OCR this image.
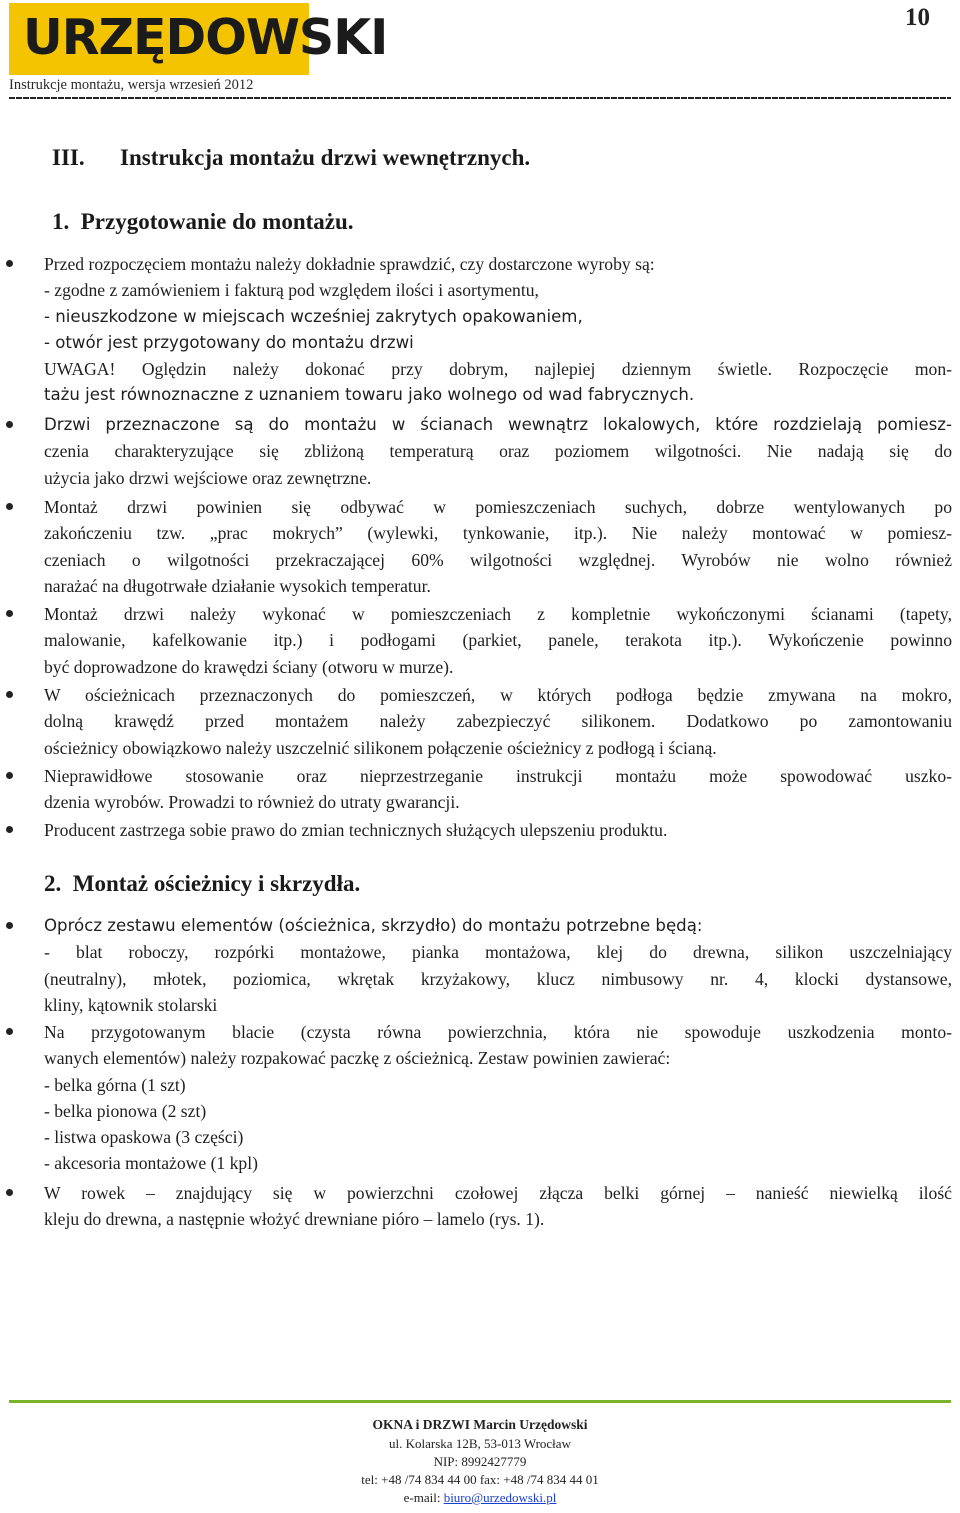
URZĘDOWSKI
Instrukcje montażu, wersja wrzesień 2012
10
III. Instrukcja montażu drzwi wewnętrznych.
1.  Przygotowanie do montażu.
Przed rozpoczęciem montażu należy dokładnie sprawdzić, czy dostarczone wyroby są:
- zgodne z zamówieniem i fakturą pod względem ilości i asortymentu,
- nieuszkodzone w miejscach wcześniej zakrytych opakowaniem,
- otwór jest przygotowany do montażu drzwi
UWAGA! Oględzin należy dokonać przy dobrym, najlepiej dziennym świetle. Rozpoczęcie mon-
tażu jest równoznaczne z uznaniem towaru jako wolnego od wad fabrycznych.
Drzwi przeznaczone są do montażu w ścianach wewnątrz lokalowych, które rozdzielają pomiesz-
czenia charakteryzujące się zbliżoną temperaturą oraz poziomem wilgotności. Nie nadają się do
użycia jako drzwi wejściowe oraz zewnętrzne.
Montaż drzwi powinien się odbywać w pomieszczeniach suchych, dobrze wentylowanych po
zakończeniu tzw. „prac mokrych” (wylewki, tynkowanie, itp.). Nie należy montować w pomiesz-
czeniach o wilgotności przekraczającej 60% wilgotności względnej. Wyrobów nie wolno również
narażać na długotrwałe działanie wysokich temperatur.
Montaż drzwi należy wykonać w pomieszczeniach z kompletnie wykończonymi ścianami (tapety,
malowanie, kafelkowanie itp.) i podłogami (parkiet, panele, terakota itp.). Wykończenie powinno
być doprowadzone do krawędzi ściany (otworu w murze).
W ościeżnicach przeznaczonych do pomieszczeń, w których podłoga będzie zmywana na mokro,
dolną krawędź przed montażem należy zabezpieczyć silikonem. Dodatkowo po zamontowaniu
ościeżnicy obowiązkowo należy uszczelnić silikonem połączenie ościeżnicy z podłogą i ścianą.
Nieprawidłowe stosowanie oraz nieprzestrzeganie instrukcji montażu może spowodować uszko-
dzenia wyrobów. Prowadzi to również do utraty gwarancji.
Producent zastrzega sobie prawo do zmian technicznych służących ulepszeniu produktu.
2.  Montaż ościeżnicy i skrzydła.
Oprócz zestawu elementów (ościeżnica, skrzydło) do montażu potrzebne będą:
- blat roboczy, rozpórki montażowe, pianka montażowa, klej do drewna, silikon uszczelniający
(neutralny), młotek, poziomica, wkrętak krzyżakowy, klucz nimbusowy nr. 4, klocki dystansowe,
kliny, kątownik stolarski
Na przygotowanym blacie (czysta równa powierzchnia, która nie spowoduje uszkodzenia monto-
wanych elementów) należy rozpakować paczkę z ościeżnicą. Zestaw powinien zawierać:
- belka górna (1 szt)
- belka pionowa (2 szt)
- listwa opaskowa (3 części)
- akcesoria montażowe (1 kpl)
W rowek – znajdujący się w powierzchni czołowej złącza belki górnej – nanieść niewielką ilość
kleju do drewna, a następnie włożyć drewniane pióro – lamelo (rys. 1).
OKNA i DRZWI Marcin Urzędowski
ul. Kolarska 12B, 53-013 Wrocław
NIP: 8992427779
tel: +48 /74 834 44 00 fax: +48 /74 834 44 01
e-mail: biuro@urzedowski.pl
